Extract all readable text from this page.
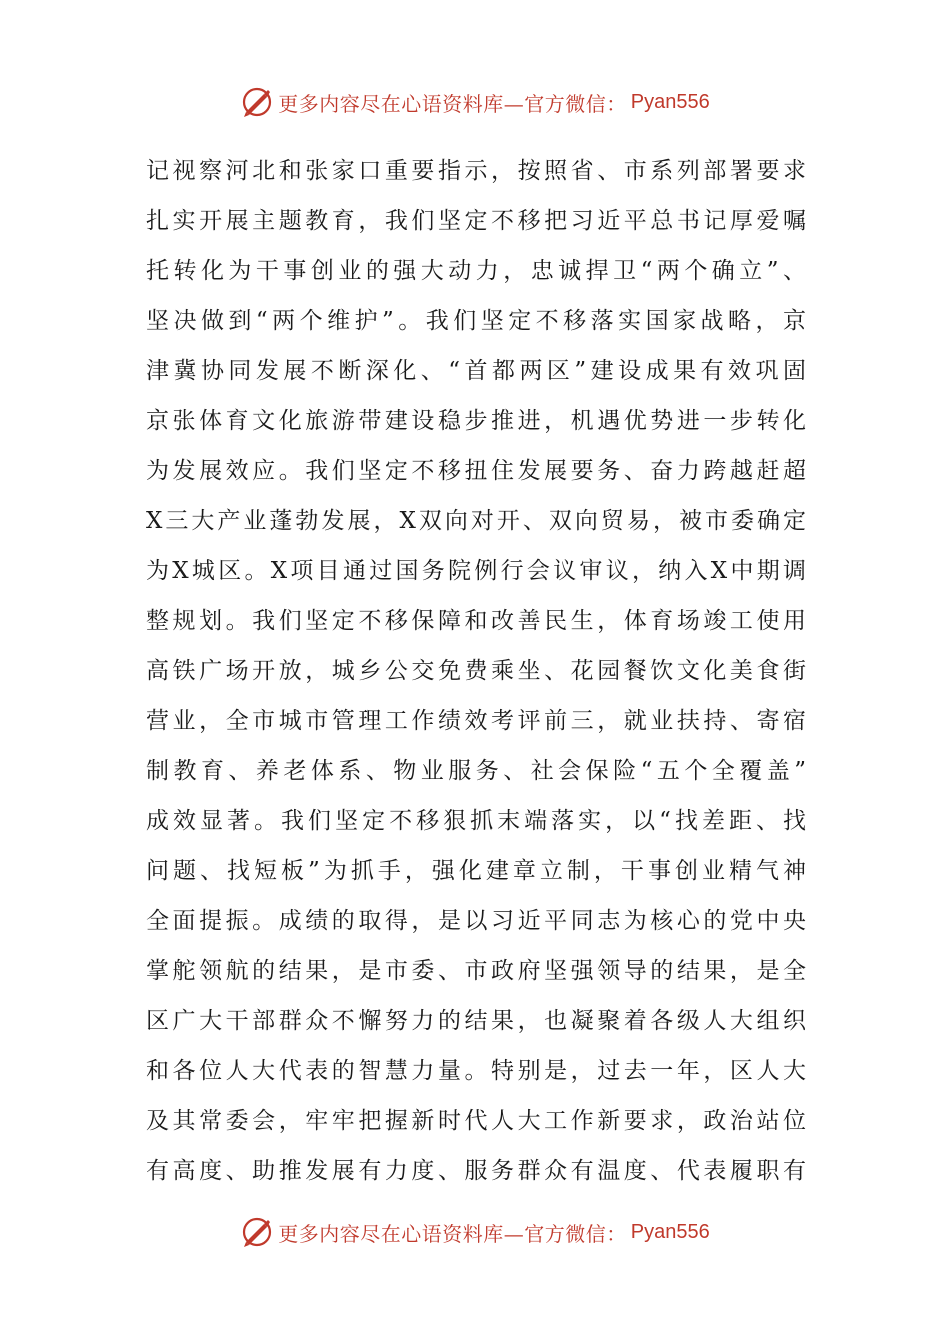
更多内容尽在心语资料库—官方微信： Pyan556
记视察河北和张家口重要指示，按照省、市系列部署要求
扎实开展主题教育，我们坚定不移把习近平总书记厚爱嘱
托转化为干事创业的强大动力，忠诚捍卫“两个确立”、
坚决做到“两个维护”。我们坚定不移落实国家战略，京
津冀协同发展不断深化、“首都两区”建设成果有效巩固
京张体育文化旅游带建设稳步推进，机遇优势进一步转化
为发展效应。我们坚定不移扭住发展要务、奋力跨越赶超
X三大产业蓬勃发展，X双向对开、双向贸易，被市委确定
为X城区。X项目通过国务院例行会议审议，纳入X中期调
整规划。我们坚定不移保障和改善民生，体育场竣工使用
高铁广场开放，城乡公交免费乘坐、花园餐饮文化美食街
营业，全市城市管理工作绩效考评前三，就业扶持、寄宿
制教育、养老体系、物业服务、社会保险“五个全覆盖”
成效显著。我们坚定不移狠抓末端落实，以“找差距、找
问题、找短板”为抓手，强化建章立制，干事创业精气神
全面提振。成绩的取得，是以习近平同志为核心的党中央
掌舵领航的结果，是市委、市政府坚强领导的结果，是全
区广大干部群众不懈努力的结果，也凝聚着各级人大组织
和各位人大代表的智慧力量。特别是，过去一年，区人大
及其常委会，牢牢把握新时代人大工作新要求，政治站位
有高度、助推发展有力度、服务群众有温度、代表履职有
更多内容尽在心语资料库—官方微信： Pyan556
